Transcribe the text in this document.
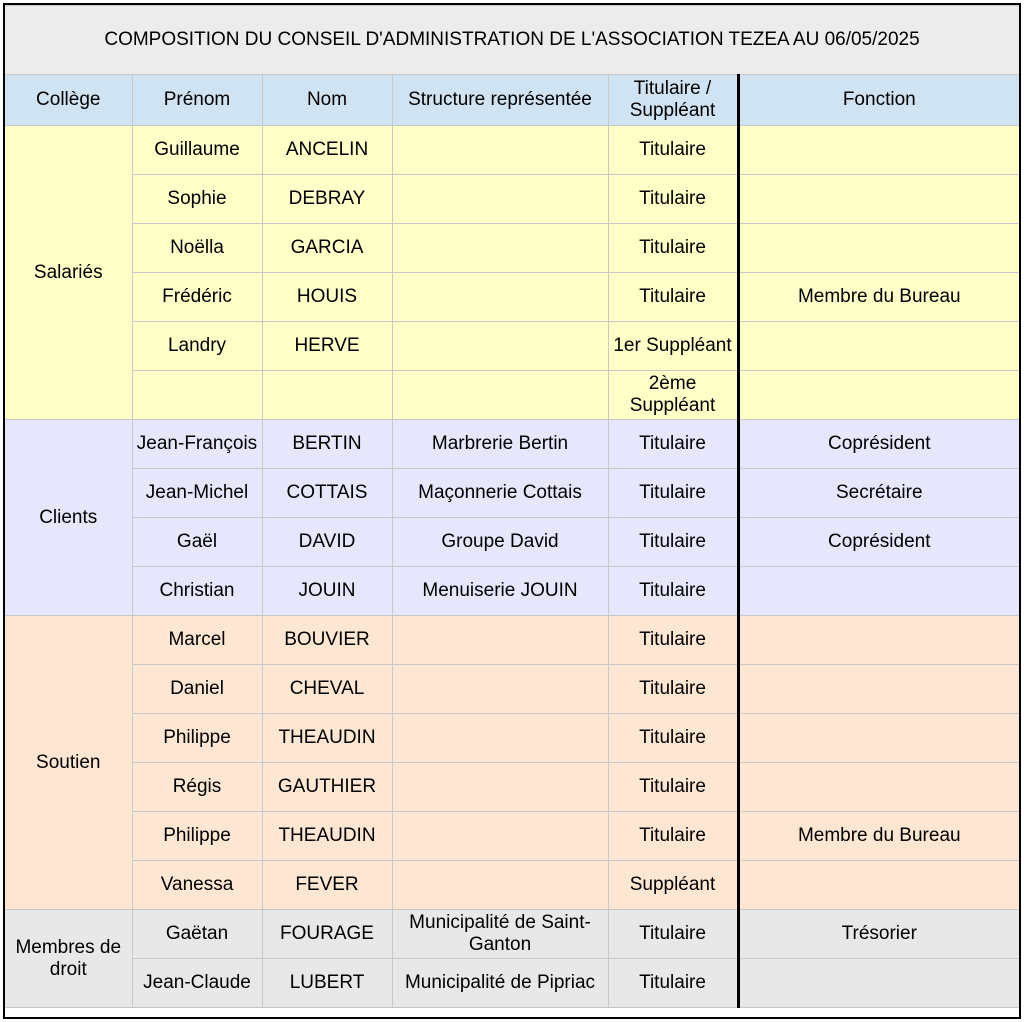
COMPOSITION DU CONSEIL D'ADMINISTRATION DE L'ASSOCIATION TEZEA AU 06/05/2025					
Collège	Prénom	Nom	Structure représentée	Titulaire / Suppléant	Fonction
Salariés	Guillaume	ANCELIN		Titulaire	
	Sophie	DEBRAY		Titulaire	
	Noëlla	GARCIA		Titulaire	
	Frédéric	HOUIS		Titulaire	Membre du Bureau
	Landry	HERVE		1er Suppléant	
				2ème Suppléant	
Clients	Jean-François	BERTIN	Marbrerie Bertin	Titulaire	Coprésident
	Jean-Michel	COTTAIS	Maçonnerie Cottais	Titulaire	Secrétaire
	Gaël	DAVID	Groupe David	Titulaire	Coprésident
	Christian	JOUIN	Menuiserie JOUIN	Titulaire	
Soutien	Marcel	BOUVIER		Titulaire	
	Daniel	CHEVAL		Titulaire	
	Philippe	THEAUDIN		Titulaire	
	Régis	GAUTHIER		Titulaire	
	Philippe	THEAUDIN		Titulaire	Membre du Bureau
	Vanessa	FEVER		Suppléant	
Membres de droit	Gaëtan	FOURAGE	Municipalité de Saint-Ganton	Titulaire	Trésorier
	Jean-Claude	LUBERT	Municipalité de Pipriac	Titulaire	
